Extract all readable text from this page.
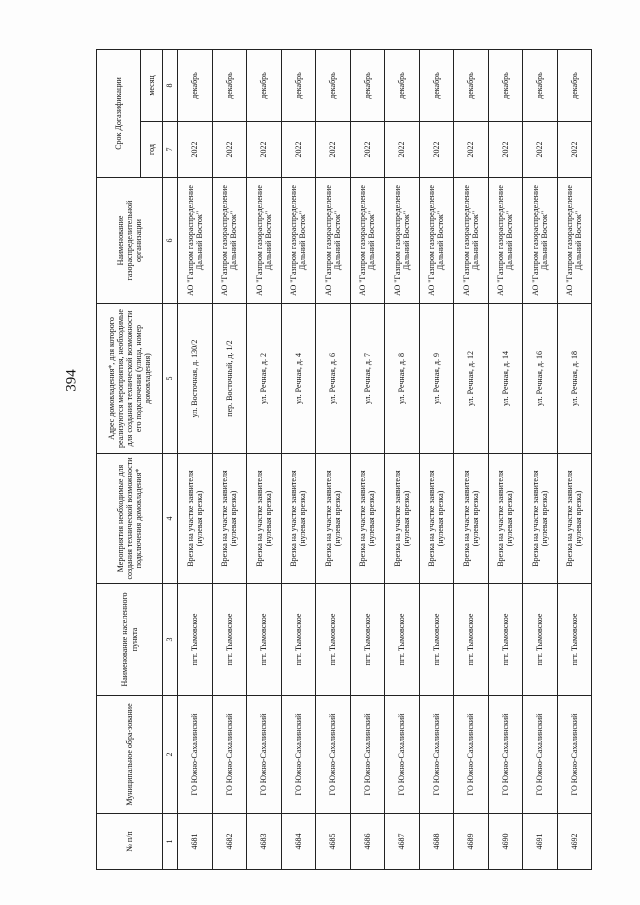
394
№ п/п	Муниципальное обра-зование	Наименование населенного пункта	Мероприятия необходимые для создания технической возможности подключения домовладения*	Адрес домовладения*, для которого реализуются мероприятия, необходимые для создания технической возможности его подключения (улица, номер домовладения)	Наименование газораспределительной организации	Срок Догазификации	
						год	месяц
1	2	3	4	5	6	7	8
4681	ГО Южно-Сахалинский	пгт. Тымовское	Врезка на участке заявителя (нулевая врезка)	ул. Восточная, д. 130/2	АО "Газпром газораспределение Дальний Восток"	2022	декабрь
4682	ГО Южно-Сахалинский	пгт. Тымовское	Врезка на участке заявителя (нулевая врезка)	пер. Восточный, д. 1/2	АО "Газпром газораспределение Дальний Восток"	2022	декабрь
4683	ГО Южно-Сахалинский	пгт. Тымовское	Врезка на участке заявителя (нулевая врезка)	ул. Речная, д. 2	АО "Газпром газораспределение Дальний Восток"	2022	декабрь
4684	ГО Южно-Сахалинский	пгт. Тымовское	Врезка на участке заявителя (нулевая врезка)	ул. Речная, д. 4	АО "Газпром газораспределение Дальний Восток"	2022	декабрь
4685	ГО Южно-Сахалинский	пгт. Тымовское	Врезка на участке заявителя (нулевая врезка)	ул. Речная, д. 6	АО "Газпром газораспределение Дальний Восток"	2022	декабрь
4686	ГО Южно-Сахалинский	пгт. Тымовское	Врезка на участке заявителя (нулевая врезка)	ул. Речная, д. 7	АО "Газпром газораспределение Дальний Восток"	2022	декабрь
4687	ГО Южно-Сахалинский	пгт. Тымовское	Врезка на участке заявителя (нулевая врезка)	ул. Речная, д. 8	АО "Газпром газораспределение Дальний Восток"	2022	декабрь
4688	ГО Южно-Сахалинский	пгт. Тымовское	Врезка на участке заявителя (нулевая врезка)	ул. Речная, д. 9	АО "Газпром газораспределение Дальний Восток"	2022	декабрь
4689	ГО Южно-Сахалинский	пгт. Тымовское	Врезка на участке заявителя (нулевая врезка)	ул. Речная, д. 12	АО "Газпром газораспределение Дальний Восток"	2022	декабрь
4690	ГО Южно-Сахалинский	пгт. Тымовское	Врезка на участке заявителя (нулевая врезка)	ул. Речная, д. 14	АО "Газпром газораспределение Дальний Восток"	2022	декабрь
4691	ГО Южно-Сахалинский	пгт. Тымовское	Врезка на участке заявителя (нулевая врезка)	ул. Речная, д. 16	АО "Газпром газораспределение Дальний Восток"	2022	декабрь
4692	ГО Южно-Сахалинский	пгт. Тымовское	Врезка на участке заявителя (нулевая врезка)	ул. Речная, д. 18	АО "Газпром газораспределение Дальний Восток"	2022	декабрь
